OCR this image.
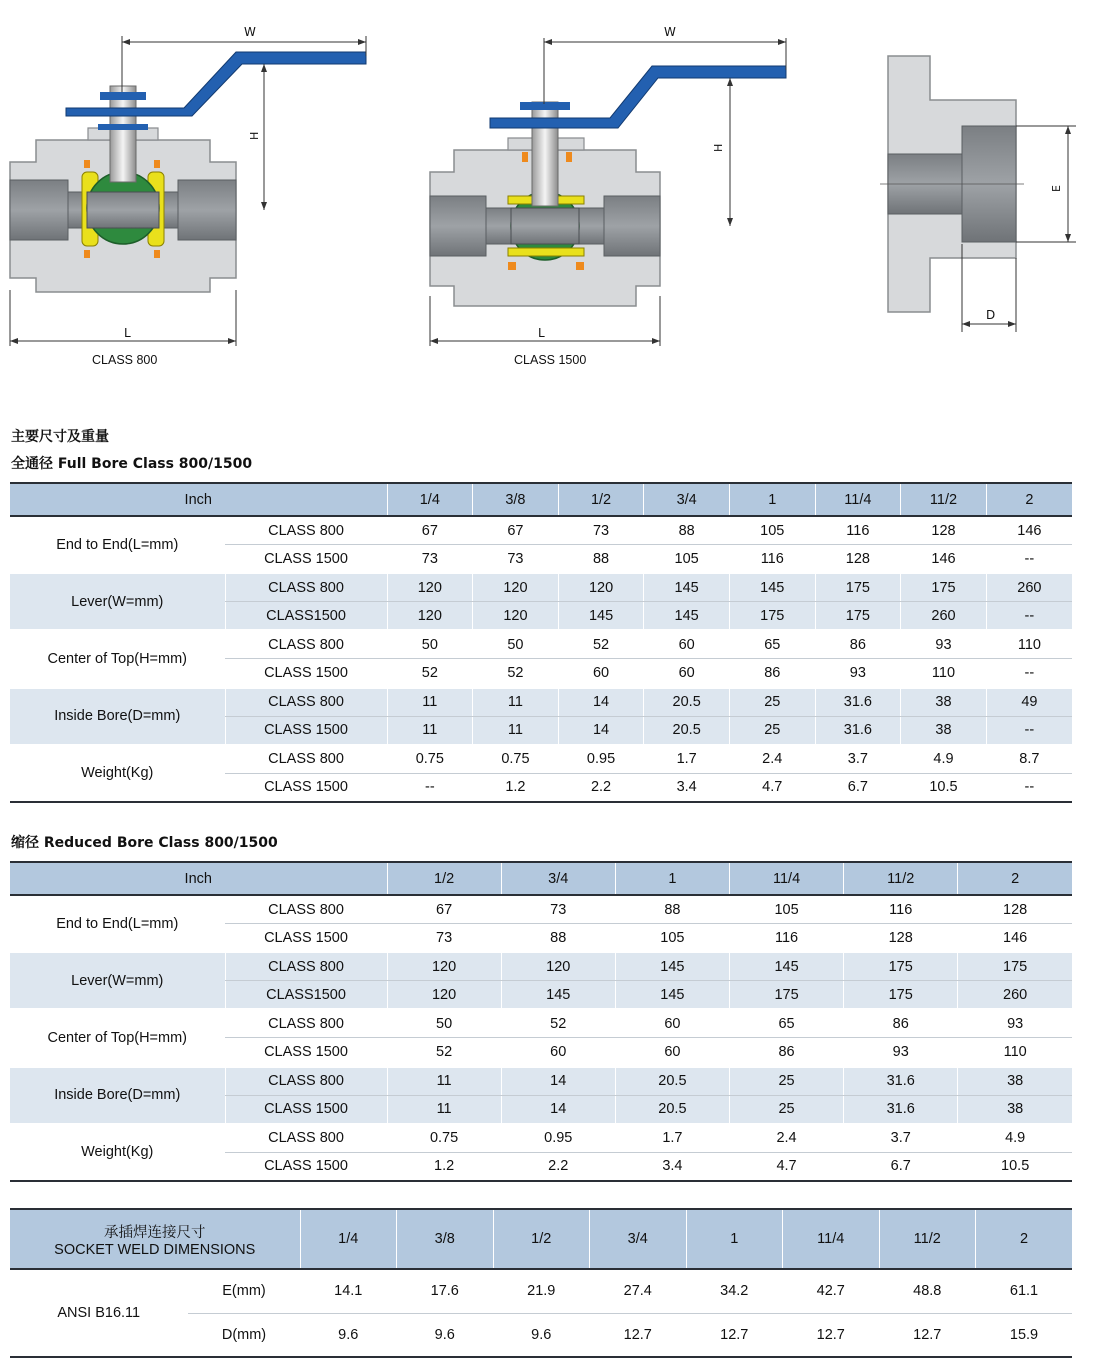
W
H
L
CLASS 800
W
H
L
CLASS 1500
E
D
主要尺寸及重量
全通径 Full Bore Class 800/1500
Inch		1/4	3/8	1/2	3/4	1	11/4	11/2	2
End to End(L=mm)	CLASS 800	67	67	73	88	105	116	128	146
	CLASS 1500	73	73	88	105	116	128	146	--
Lever(W=mm)	CLASS 800	120	120	120	145	145	175	175	260
	CLASS1500	120	120	145	145	175	175	260	--
Center of Top(H=mm)	CLASS 800	50	50	52	60	65	86	93	110
	CLASS 1500	52	52	60	60	86	93	110	--
Inside Bore(D=mm)	CLASS 800	11	11	14	20.5	25	31.6	38	49
	CLASS 1500	11	11	14	20.5	25	31.6	38	--
Weight(Kg)	CLASS 800	0.75	0.75	0.95	1.7	2.4	3.7	4.9	8.7
	CLASS 1500	--	1.2	2.2	3.4	4.7	6.7	10.5	--
缩径 Reduced Bore Class 800/1500
Inch		1/2	3/4	1	11/4	11/2	2
End to End(L=mm)	CLASS 800	67	73	88	105	116	128
	CLASS 1500	73	88	105	116	128	146
Lever(W=mm)	CLASS 800	120	120	145	145	175	175
	CLASS1500	120	145	145	175	175	260
Center of Top(H=mm)	CLASS 800	50	52	60	65	86	93
	CLASS 1500	52	60	60	86	93	110
Inside Bore(D=mm)	CLASS 800	11	14	20.5	25	31.6	38
	CLASS 1500	11	14	20.5	25	31.6	38
Weight(Kg)	CLASS 800	0.75	0.95	1.7	2.4	3.7	4.9
	CLASS 1500	1.2	2.2	3.4	4.7	6.7	10.5
承插焊连接尺寸
SOCKET WELD DIMENSIONS		1/4	3/8	1/2	3/4	1	11/4	11/2	2
ANSI B16.11	E(mm)	14.1	17.6	21.9	27.4	34.2	42.7	48.8	61.1
	D(mm)	9.6	9.6	9.6	12.7	12.7	12.7	12.7	15.9
